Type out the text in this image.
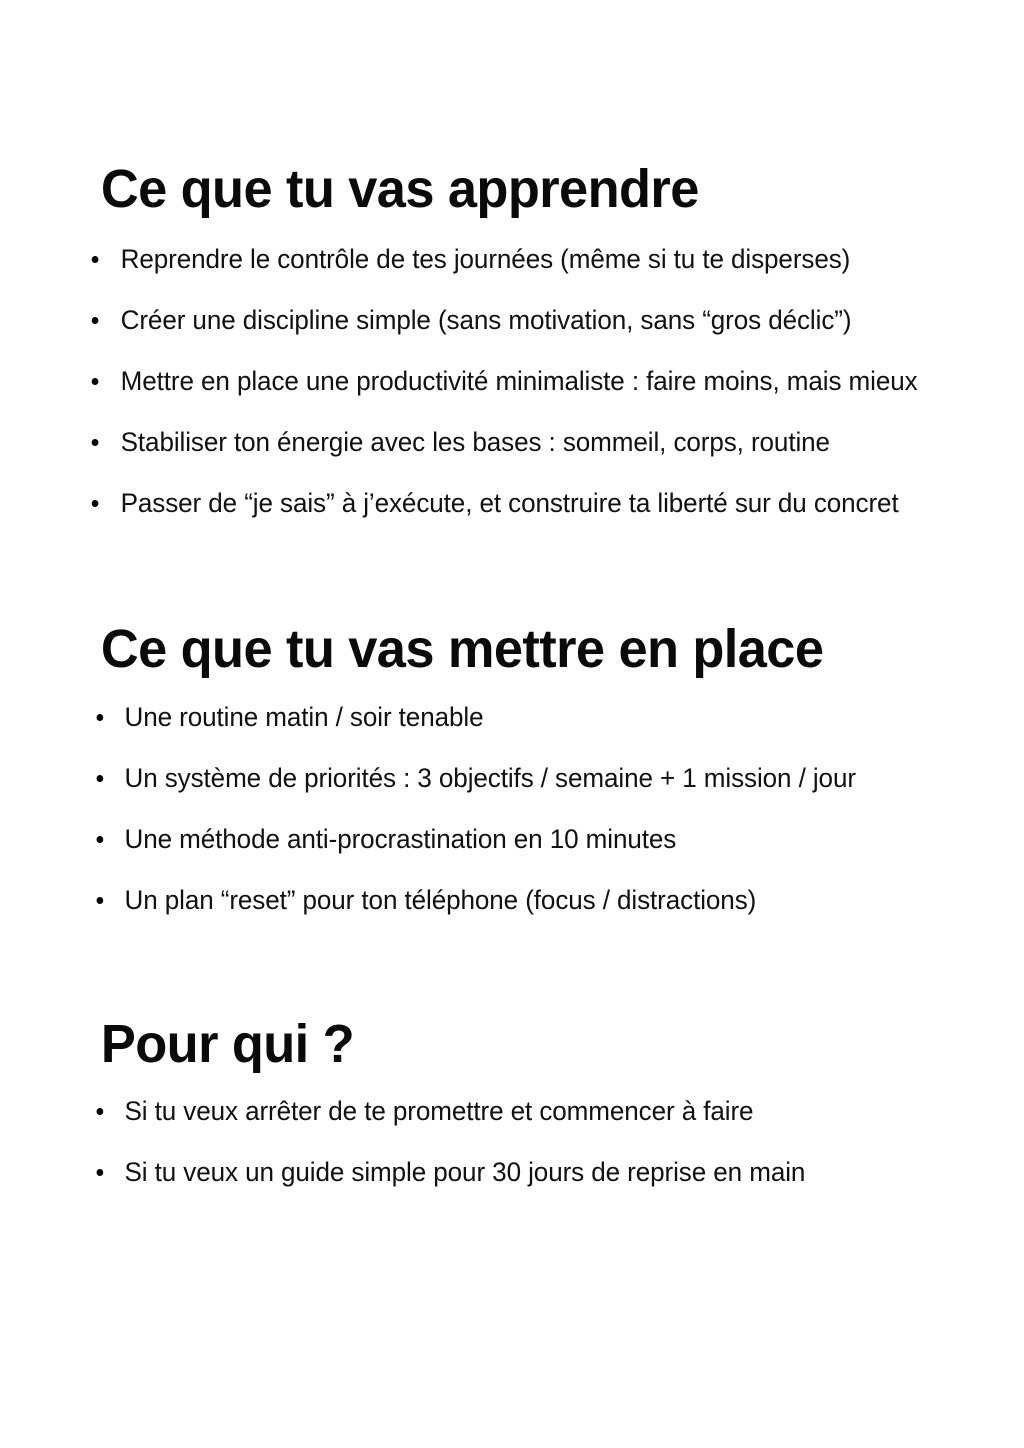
Ce que tu vas apprendre
Reprendre le contrôle de tes journées (même si tu te disperses)
Créer une discipline simple (sans motivation, sans “gros déclic”)
Mettre en place une productivité minimaliste : faire moins, mais mieux
Stabiliser ton énergie avec les bases : sommeil, corps, routine
Passer de “je sais” à j’exécute, et construire ta liberté sur du concret
Ce que tu vas mettre en place
Une routine matin / soir tenable
Un système de priorités : 3 objectifs / semaine + 1 mission / jour
Une méthode anti-procrastination en 10 minutes
Un plan “reset” pour ton téléphone (focus / distractions)
Pour qui ?
Si tu veux arrêter de te promettre et commencer à faire
Si tu veux un guide simple pour 30 jours de reprise en main
